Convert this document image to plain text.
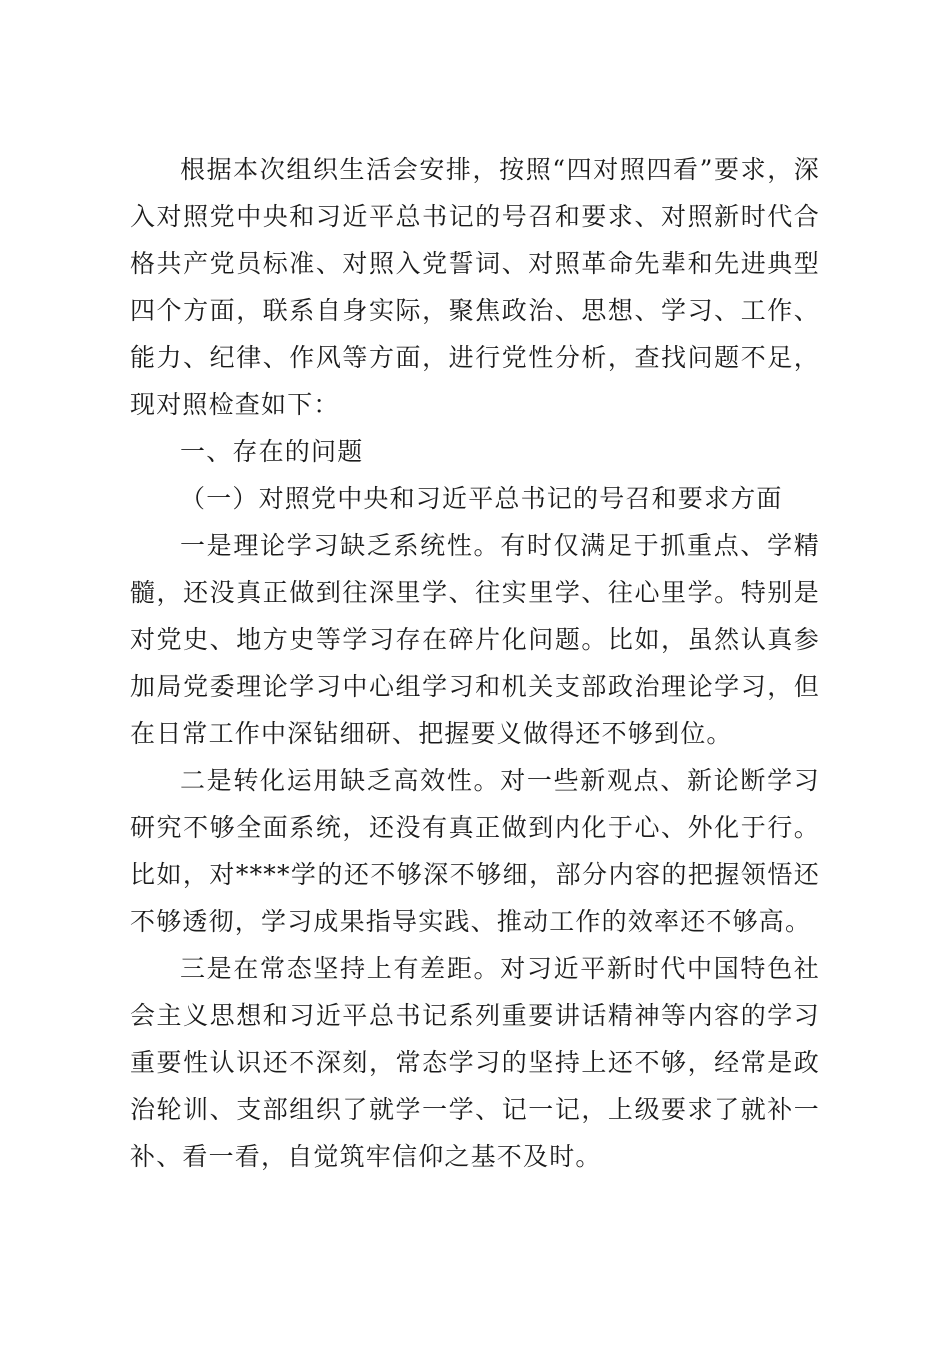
根据本次组织生活会安排，按照“四对照四看”要求，深入对照党中央和习近平总书记的号召和要求、对照新时代合格共产党员标准、对照入党誓词、对照革命先辈和先进典型四个方面，联系自身实际，聚焦政治、思想、学习、工作、能力、纪律、作风等方面，进行党性分析，查找问题不足，现对照检查如下：

一、存在的问题

（一）对照党中央和习近平总书记的号召和要求方面

一是理论学习缺乏系统性。有时仅满足于抓重点、学精髓，还没真正做到往深里学、往实里学、往心里学。特别是对党史、地方史等学习存在碎片化问题。比如，虽然认真参加局党委理论学习中心组学习和机关支部政治理论学习，但在日常工作中深钻细研、把握要义做得还不够到位。

二是转化运用缺乏高效性。对一些新观点、新论断学习研究不够全面系统，还没有真正做到内化于心、外化于行。比如，对****学的还不够深不够细，部分内容的把握领悟还不够透彻，学习成果指导实践、推动工作的效率还不够高。

三是在常态坚持上有差距。对习近平新时代中国特色社会主义思想和习近平总书记系列重要讲话精神等内容的学习重要性认识还不深刻，常态学习的坚持上还不够，经常是政治轮训、支部组织了就学一学、记一记，上级要求了就补一补、看一看，自觉筑牢信仰之基不及时。
